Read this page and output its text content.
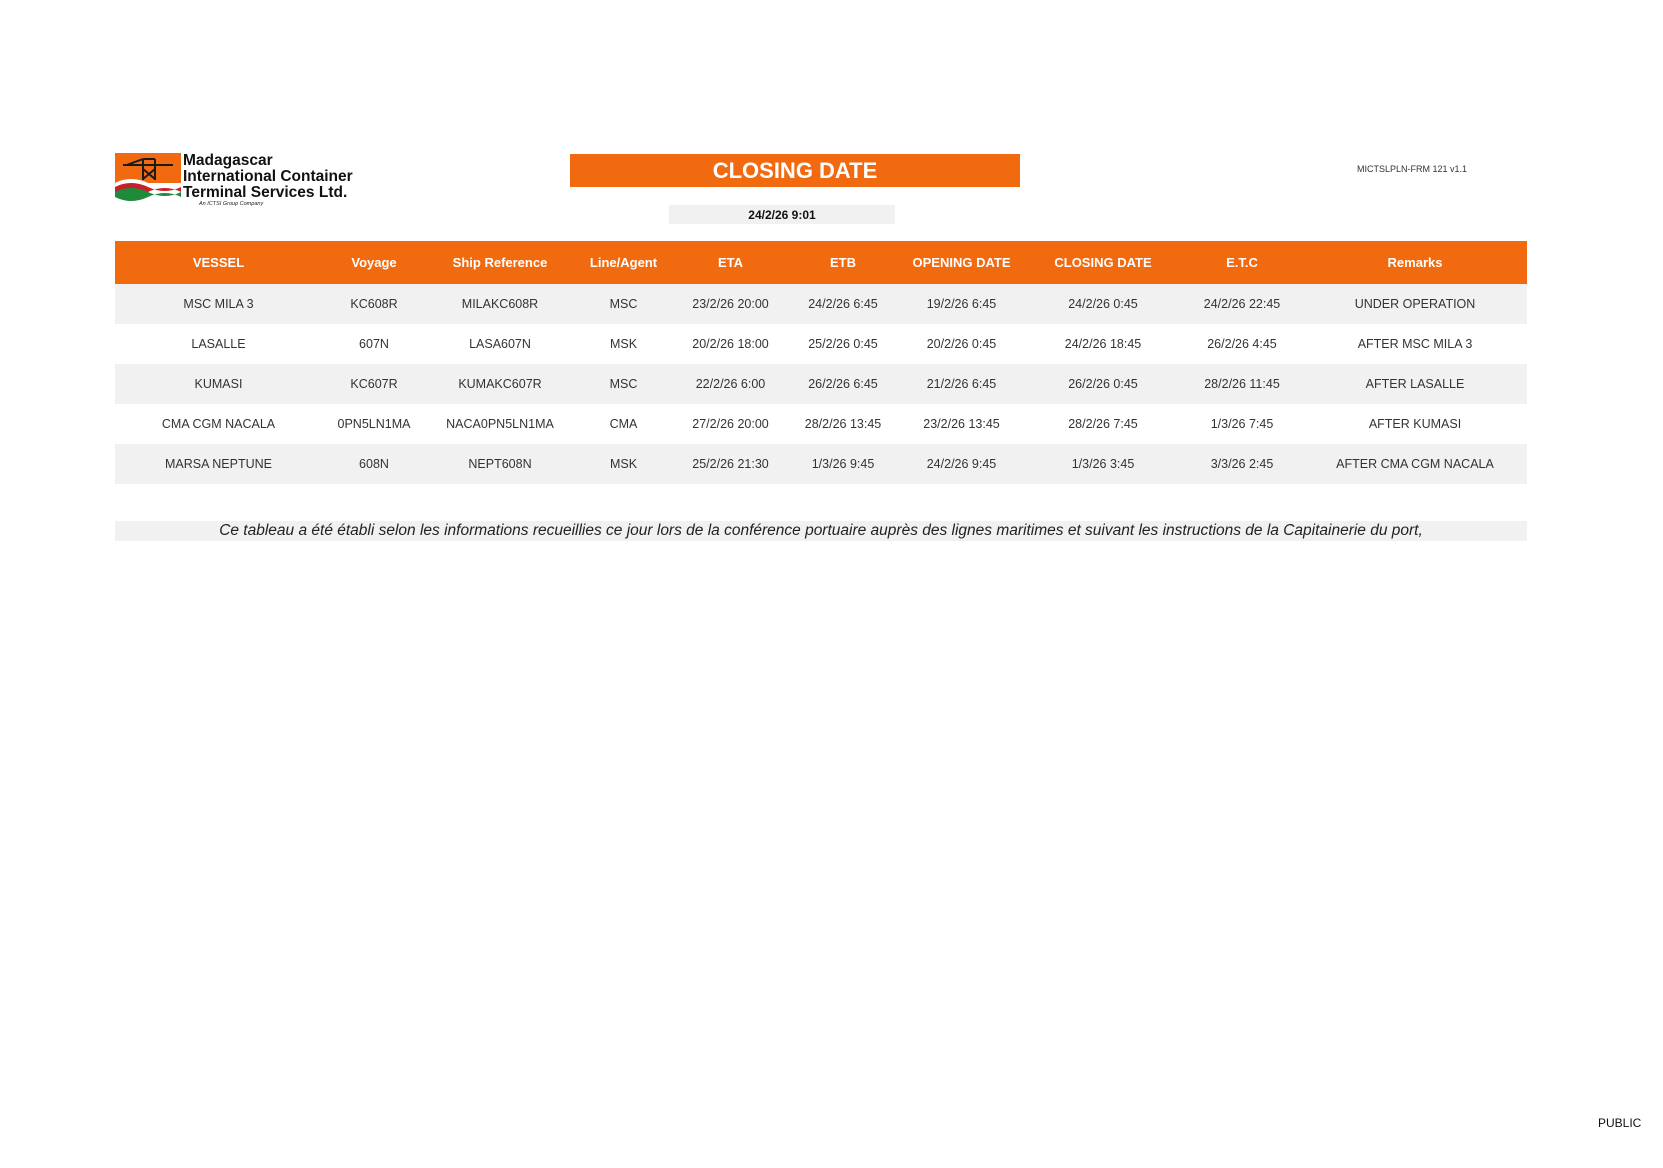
Madagascar
International Container
Terminal Services Ltd.
An ICTSI Group Company
CLOSING DATE	MICTSLPLN-FRM 121 v1.1
24/2/26 9:01
VESSEL	Voyage	Ship Reference	Line/Agent	ETA	ETB	OPENING DATE	CLOSING DATE	E.T.C	Remarks
MSC MILA 3	KC608R	MILAKC608R	MSC	23/2/26 20:00	24/2/26 6:45	19/2/26 6:45	24/2/26 0:45	24/2/26 22:45	UNDER OPERATION
LASALLE	607N	LASA607N	MSK	20/2/26 18:00	25/2/26 0:45	20/2/26 0:45	24/2/26 18:45	26/2/26 4:45	AFTER MSC MILA 3
KUMASI	KC607R	KUMAKC607R	MSC	22/2/26 6:00	26/2/26 6:45	21/2/26 6:45	26/2/26 0:45	28/2/26 11:45	AFTER LASALLE
CMA CGM NACALA	0PN5LN1MA	NACA0PN5LN1MA	CMA	27/2/26 20:00	28/2/26 13:45	23/2/26 13:45	28/2/26 7:45	1/3/26 7:45	AFTER KUMASI
MARSA NEPTUNE	608N	NEPT608N	MSK	25/2/26 21:30	1/3/26 9:45	24/2/26 9:45	1/3/26 3:45	3/3/26 2:45	AFTER CMA CGM NACALA
Ce tableau a été établi selon les informations recueillies ce jour lors de la conférence portuaire auprès des lignes maritimes et suivant les instructions de la Capitainerie du port,
PUBLIC
